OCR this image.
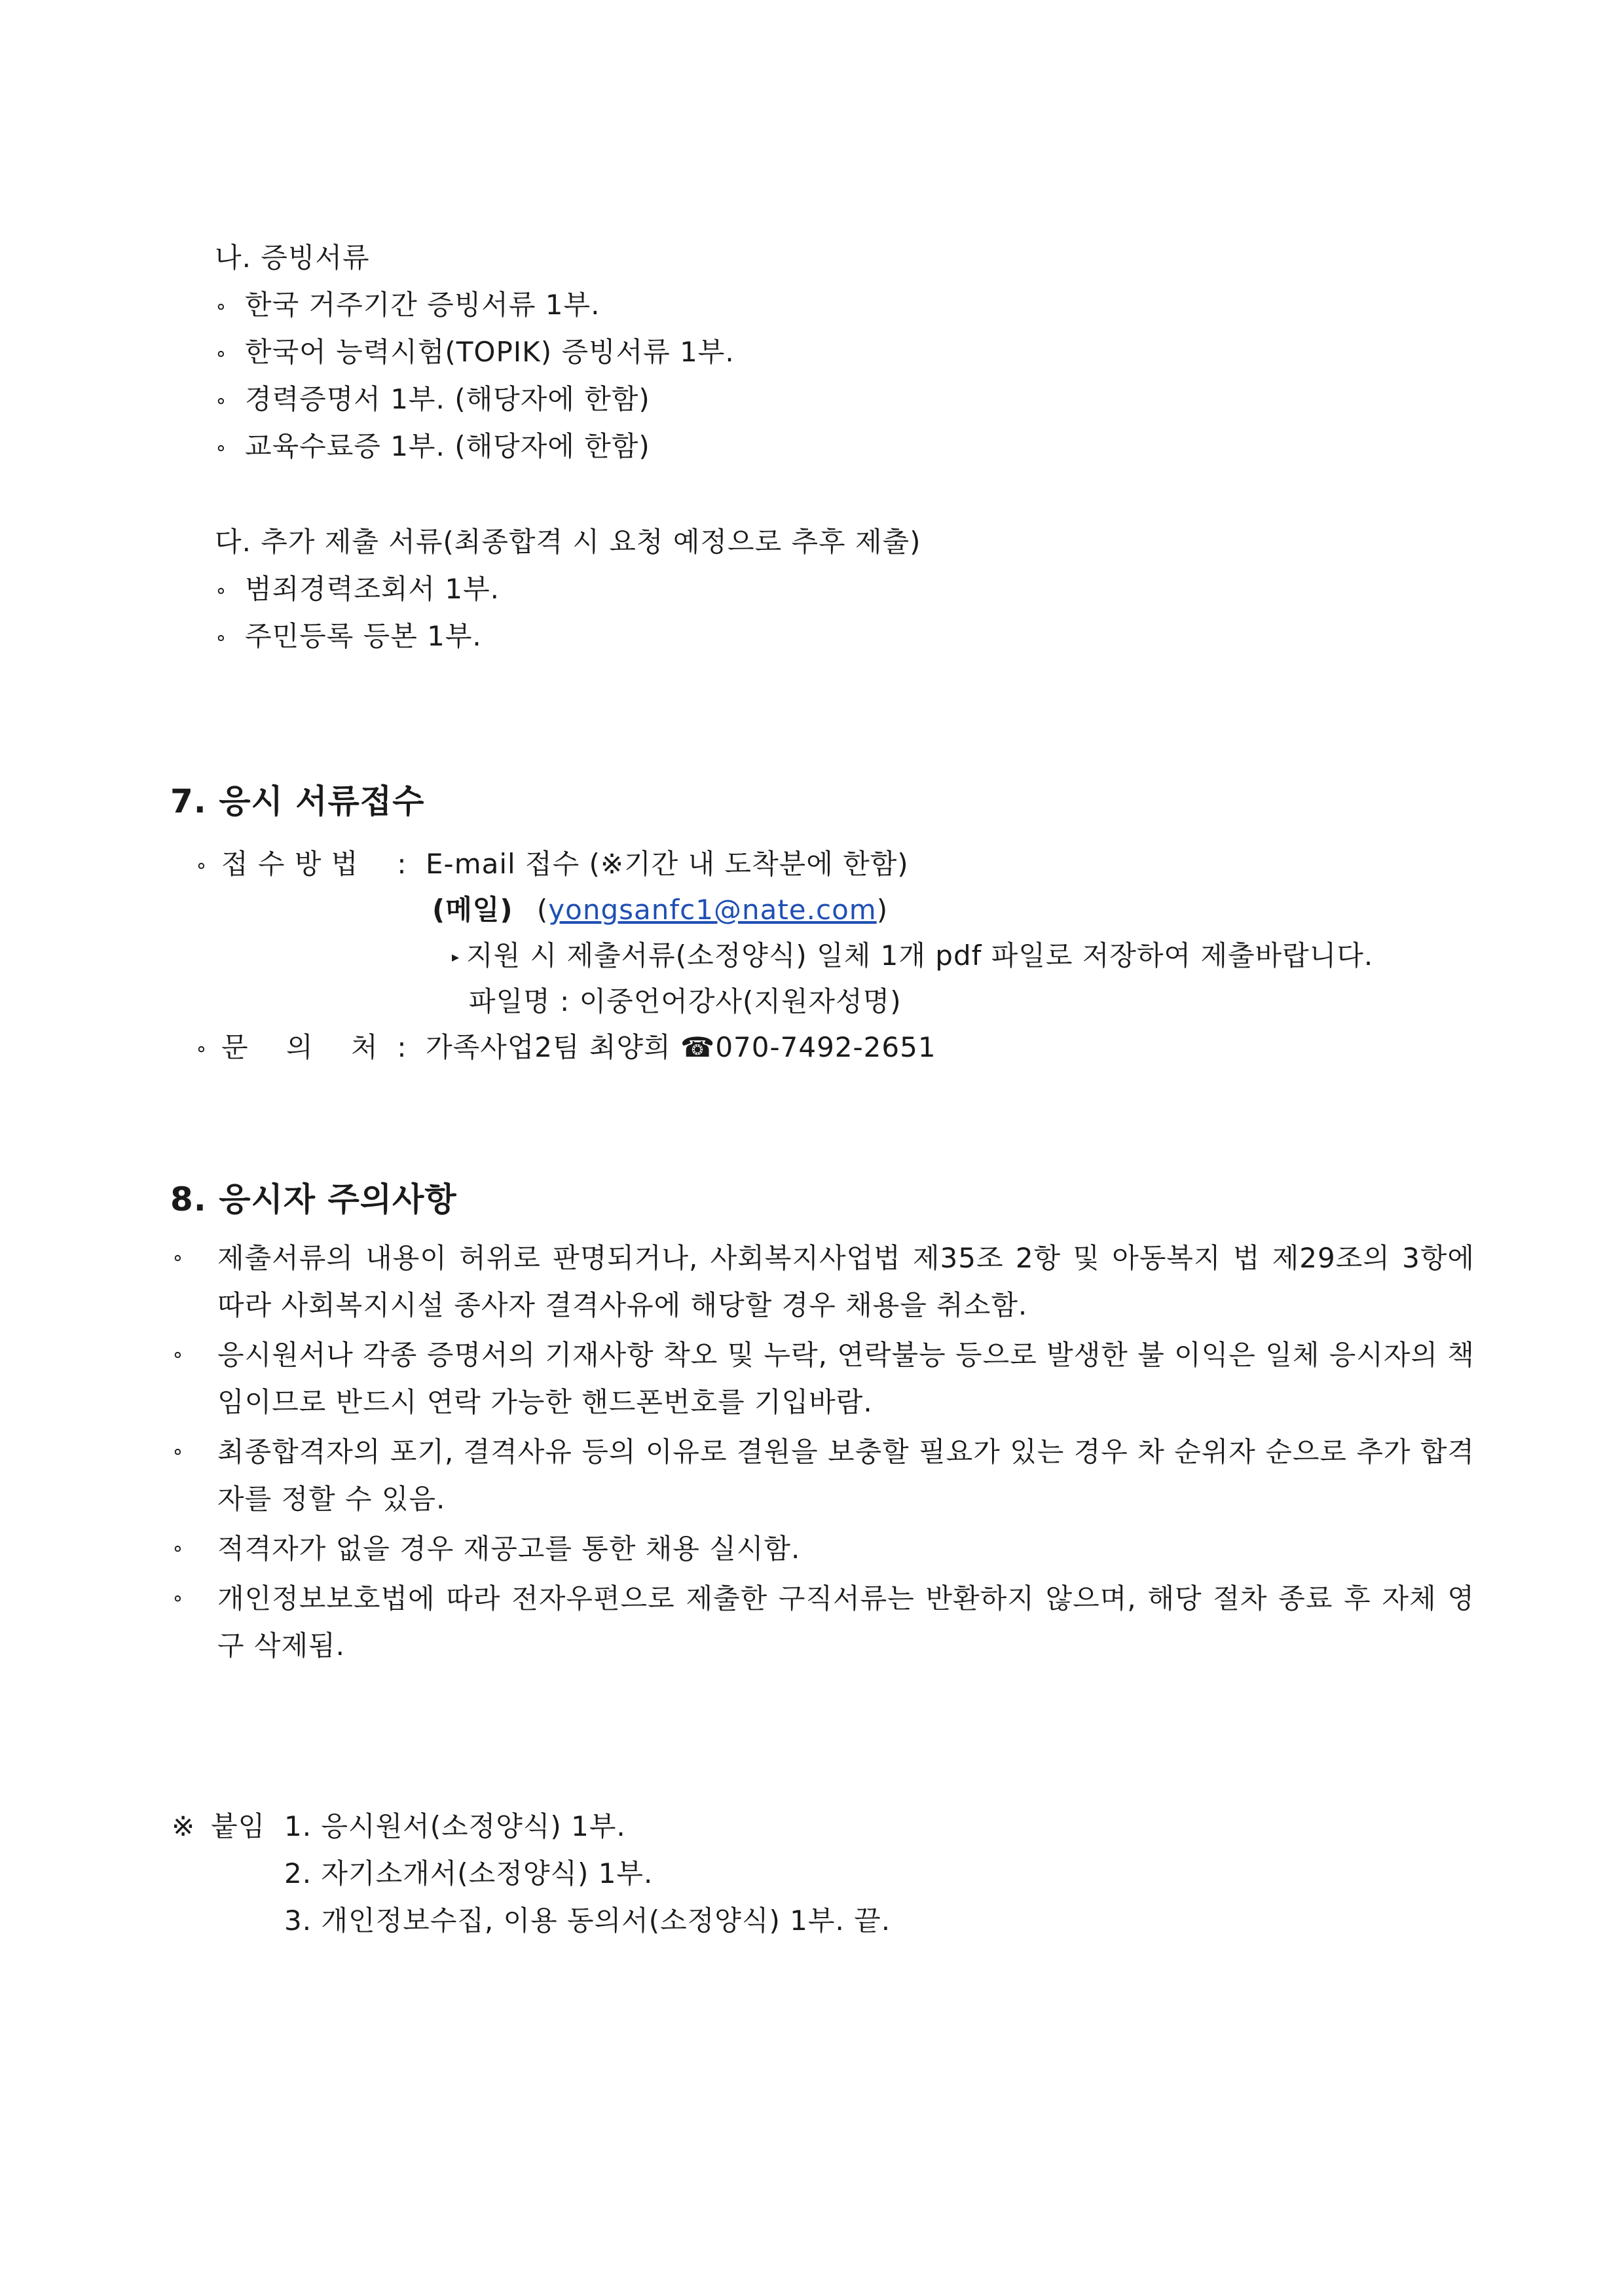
나. 증빙서류
∘ 한국 거주기간 증빙서류 1부.
∘ 한국어 능력시험(TOPIK) 증빙서류 1부.
∘ 경력증명서 1부. (해당자에 한함)
∘ 교육수료증 1부. (해당자에 한함)
다. 추가 제출 서류(최종합격 시 요청 예정으로 추후 제출)
∘ 범죄경력조회서 1부.
∘ 주민등록 등본 1부.
7. 응시 서류접수
∘ 접 수 방 법 : E-mail 접수 (※기간 내 도착분에 한함)
(메일) (yongsanfc1@nate.com)
▸ 지원 시 제출서류(소정양식) 일체 1개 pdf 파일로 저장하여 제출바랍니다.
파일명 : 이중언어강사(지원자성명)
∘ 문    의    처 : 가족사업2팀 최양희 ☎070-7492-2651
8. 응시자 주의사항
∘ 제출서류의 내용이 허위로 판명되거나, 사회복지사업법 제35조 2항 및 아동복지 법 제29조의 3항에 따라 사회복지시설 종사자 결격사유에 해당할 경우 채용을 취소함.
∘ 응시원서나 각종 증명서의 기재사항 착오 및 누락, 연락불능 등으로 발생한 불 이익은 일체 응시자의 책임이므로 반드시 연락 가능한 핸드폰번호를 기입바람.
∘ 최종합격자의 포기, 결격사유 등의 이유로 결원을 보충할 필요가 있는 경우 차 순위자 순으로 추가 합격자를 정할 수 있음.
∘ 적격자가 없을 경우 재공고를 통한 채용 실시함.
∘ 개인정보보호법에 따라 전자우편으로 제출한 구직서류는 반환하지 않으며, 해당 절차 종료 후 자체 영구 삭제됨.
※ 붙임 1. 응시원서(소정양식) 1부.
2. 자기소개서(소정양식) 1부.
3. 개인정보수집, 이용 동의서(소정양식) 1부. 끝.
